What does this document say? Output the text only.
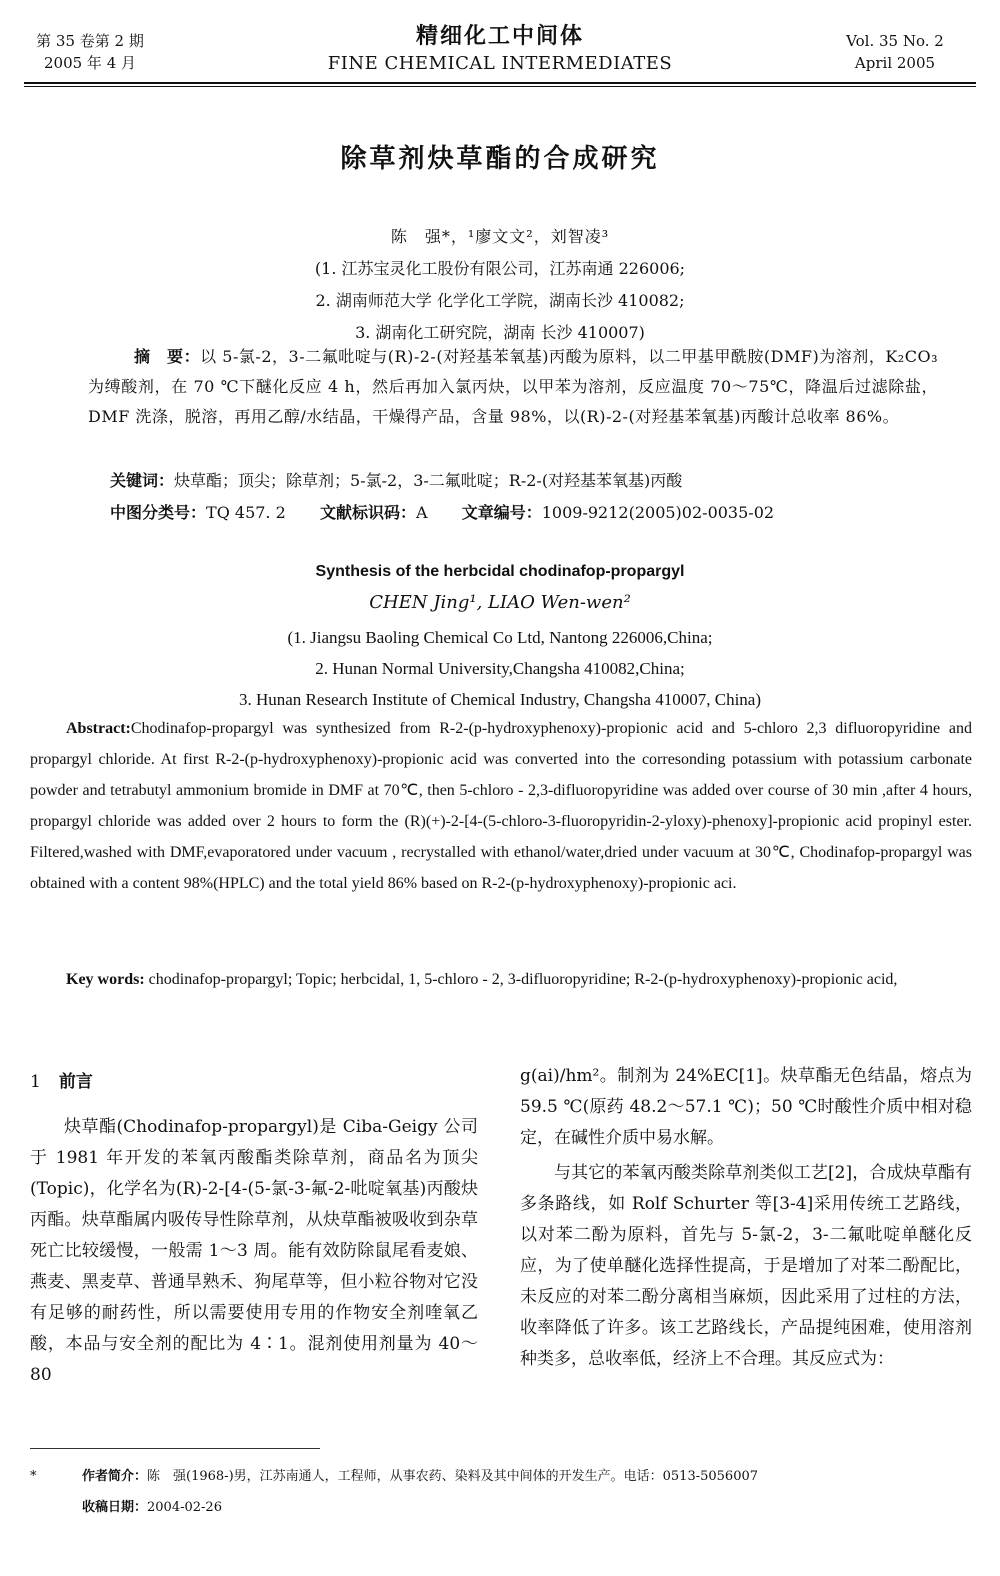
第 35 卷第 2 期
2005 年 4 月
精细化工中间体
FINE CHEMICAL INTERMEDIATES
Vol. 35 No. 2
April 2005
除草剂炔草酯的合成研究
陈　强*，¹廖文文²，刘智凌³
(1. 江苏宝灵化工股份有限公司，江苏南通 226006;
2. 湖南师范大学 化学化工学院，湖南长沙 410082;
3. 湖南化工研究院，湖南 长沙 410007)
摘　要：以 5-氯-2，3-二氟吡啶与(R)-2-(对羟基苯氧基)丙酸为原料，以二甲基甲酰胺(DMF)为溶剂，K₂CO₃为缚酸剂，在 70 ℃下醚化反应 4 h，然后再加入氯丙炔，以甲苯为溶剂，反应温度 70～75℃，降温后过滤除盐，DMF 洗涤，脱溶，再用乙醇/水结晶，干燥得产品，含量 98%，以(R)-2-(对羟基苯氧基)丙酸计总收率 86%。
关键词：炔草酯；顶尖；除草剂；5-氯-2，3-二氟吡啶；R-2-(对羟基苯氧基)丙酸
中图分类号：TQ 457. 2 文献标识码：A 文章编号：1009-9212(2005)02-0035-02
Synthesis of the herbcidal chodinafop-propargyl
CHEN Jing¹, LIAO Wen-wen²
(1. Jiangsu Baoling Chemical Co Ltd, Nantong 226006,China;
2. Hunan Normal University,Changsha 410082,China;
3. Hunan Research Institute of Chemical Industry, Changsha 410007, China)
Abstract:Chodinafop-propargyl was synthesized from R-2-(p-hydroxyphenoxy)-propionic acid and 5-chloro 2,3 difluoropyridine and propargyl chloride. At first R-2-(p-hydroxyphenoxy)-propionic acid was converted into the corresonding potassium with potassium carbonate powder and tetrabutyl ammonium bromide in DMF at 70℃, then 5-chloro - 2,3-difluoropyridine was added over course of 30 min ,after 4 hours, propargyl chloride was added over 2 hours to form the (R)(+)-2-[4-(5-chloro-3-fluoropyridin-2-yloxy)-phenoxy]-propionic acid propinyl ester. Filtered,washed with DMF,evaporatored under vacuum , recrystalled with ethanol/water,dried under vacuum at 30℃, Chodinafop-propargyl was obtained with a content 98%(HPLC) and the total yield 86% based on R-2-(p-hydroxyphenoxy)-propionic aci.
Key words: chodinafop-propargyl; Topic; herbcidal, 1, 5-chloro - 2, 3-difluoropyridine; R-2-(p-hydroxyphenoxy)-propionic acid,
1 前言

炔草酯(Chodinafop-propargyl)是 Ciba-Geigy 公司于 1981 年开发的苯氧丙酸酯类除草剂，商品名为顶尖(Topic)，化学名为(R)-2-[4-(5-氯-3-氟-2-吡啶氧基)丙酸炔丙酯。炔草酯属内吸传导性除草剂，从炔草酯被吸收到杂草死亡比较缓慢，一般需 1～3 周。能有效防除鼠尾看麦娘、燕麦、黑麦草、普通旱熟禾、狗尾草等，但小粒谷物对它没有足够的耐药性，所以需要使用专用的作物安全剂喹氧乙酸，本品与安全剂的配比为 4∶1。混剂使用剂量为 40～80

g(ai)/hm²。制剂为 24%EC[1]。炔草酯无色结晶，熔点为 59.5 ℃(原药 48.2～57.1 ℃)；50 ℃时酸性介质中相对稳定，在碱性介质中易水解。

与其它的苯氧丙酸类除草剂类似工艺[2]，合成炔草酯有多条路线，如 Rolf Schurter 等[3-4]采用传统工艺路线，以对苯二酚为原料，首先与 5-氯-2，3-二氟吡啶单醚化反应，为了使单醚化选择性提高，于是增加了对苯二酚配比，未反应的对苯二酚分离相当麻烦，因此采用了过柱的方法，收率降低了许多。该工艺路线长，产品提纯困难，使用溶剂种类多，总收率低，经济上不合理。其反应式为：

*	作者简介： 陈　强(1968-)男，江苏南通人，工程师，从事农药、染料及其中间体的开发生产。电话：0513-5056007
收稿日期：2004-02-26
